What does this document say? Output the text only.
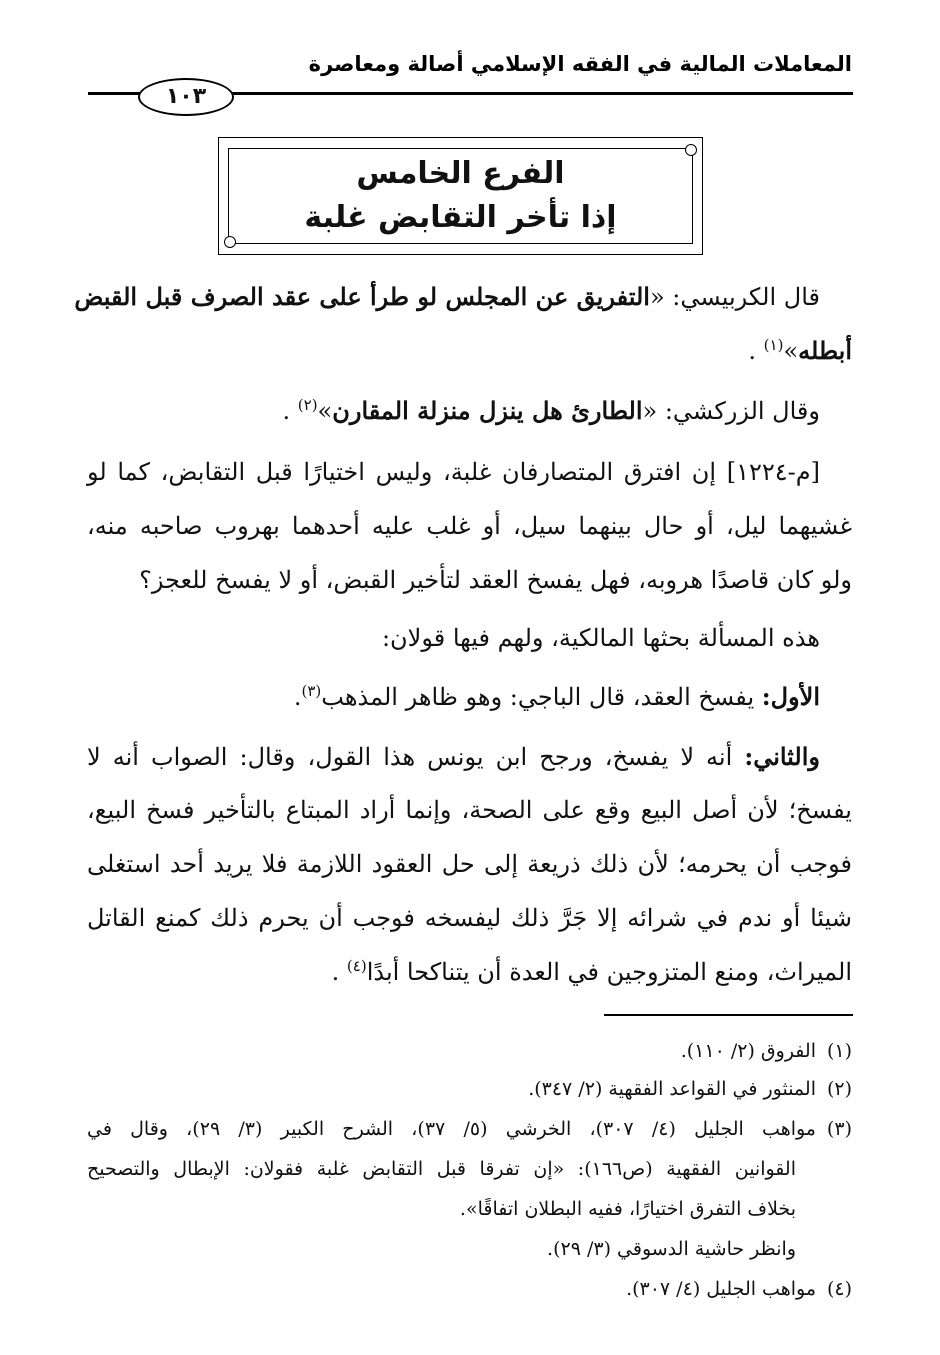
المعاملات المالية في الفقه الإسلامي أصالة ومعاصرة
١٠٣
الفرع الخامس
إذا تأخر التقابض غلبة
قال الكربيسي: «التفريق عن المجلس لو طرأ على عقد الصرف قبل القبض
أبطله»$^{(١)}$ .
وقال الزركشي: «الطارئ هل ينزل منزلة المقارن»$^{(٢)}$ .
[م-١٢٢٤] إن افترق المتصارفان غلبة، وليس اختيارًا قبل التقابض، كما لو
غشيهما ليل، أو حال بينهما سيل، أو غلب عليه أحدهما بهروب صاحبه منه،
ولو كان قاصدًا هروبه، فهل يفسخ العقد لتأخير القبض، أو لا يفسخ للعجز؟
هذه المسألة بحثها المالكية، ولهم فيها قولان:
الأول: يفسخ العقد، قال الباجي: وهو ظاهر المذهب$^{(٣)}$.
والثاني: أنه لا يفسخ، ورجح ابن يونس هذا القول، وقال: الصواب أنه لا
يفسخ؛ لأن أصل البيع وقع على الصحة، وإنما أراد المبتاع بالتأخير فسخ البيع،
فوجب أن يحرمه؛ لأن ذلك ذريعة إلى حل العقود اللازمة فلا يريد أحد استغلى
شيئا أو ندم في شرائه إلا جَرَّ ذلك ليفسخه فوجب أن يحرم ذلك كمنع القاتل
الميراث، ومنع المتزوجين في العدة أن يتناكحا أبدًا$^{(٤)}$ .
(١)الفروق (٢/ ١١٠).
(٢)المنثور في القواعد الفقهية (٢/ ٣٤٧).
(٣)مواهب الجليل (٤/ ٣٠٧)، الخرشي (٥/ ٣٧)، الشرح الكبير (٣/ ٢٩)، وقال في
القوانين الفقهية (ص١٦٦): «إن تفرقا قبل التقابض غلبة فقولان: الإبطال والتصحيح
بخلاف التفرق اختيارًا، ففيه البطلان اتفاقًا».
وانظر حاشية الدسوقي (٣/ ٢٩).
(٤)مواهب الجليل (٤/ ٣٠٧).
